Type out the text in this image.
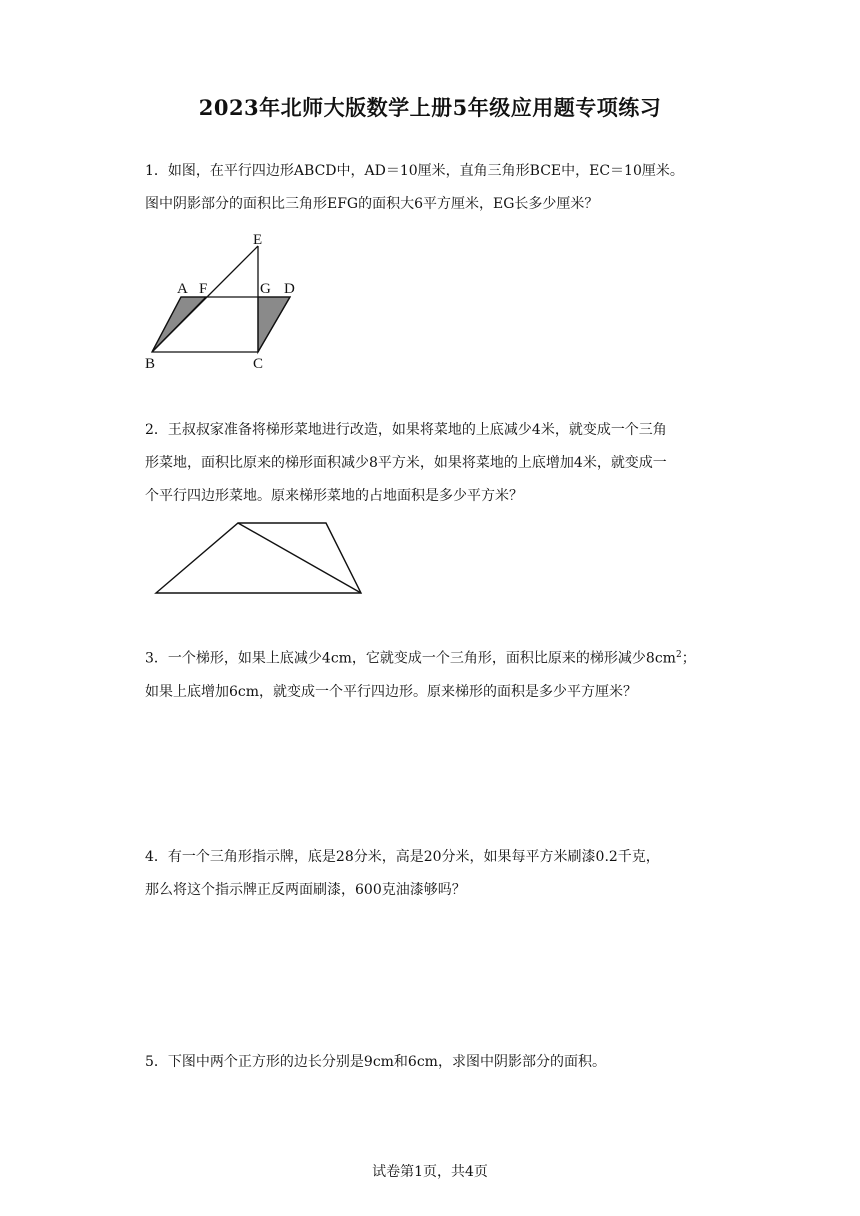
2023年北师大版数学上册5年级应用题专项练习

1．如图，在平行四边形ABCD中，AD＝10厘米，直角三角形BCE中，EC＝10厘米。

图中阴影部分的面积比三角形EFG的面积大6平方厘米，EG长多少厘米？

E
A F	G D
B	C

2．王叔叔家准备将梯形菜地进行改造，如果将菜地的上底减少4米，就变成一个三角

形菜地，面积比原来的梯形面积减少8平方米，如果将菜地的上底增加4米，就变成一

个平行四边形菜地。原来梯形菜地的占地面积是多少平方米？

3．一个梯形，如果上底减少4cm，它就变成一个三角形，面积比原来的梯形减少$8cm^2$；

如果上底增加6cm，就变成一个平行四边形。原来梯形的面积是多少平方厘米？

4．有一个三角形指示牌，底是28分米，高是20分米，如果每平方米刷漆0.2千克，

那么将这个指示牌正反两面刷漆，600克油漆够吗？

5．下图中两个正方形的边长分别是9cm和6cm，求图中阴影部分的面积。

试卷第1页，共4页
